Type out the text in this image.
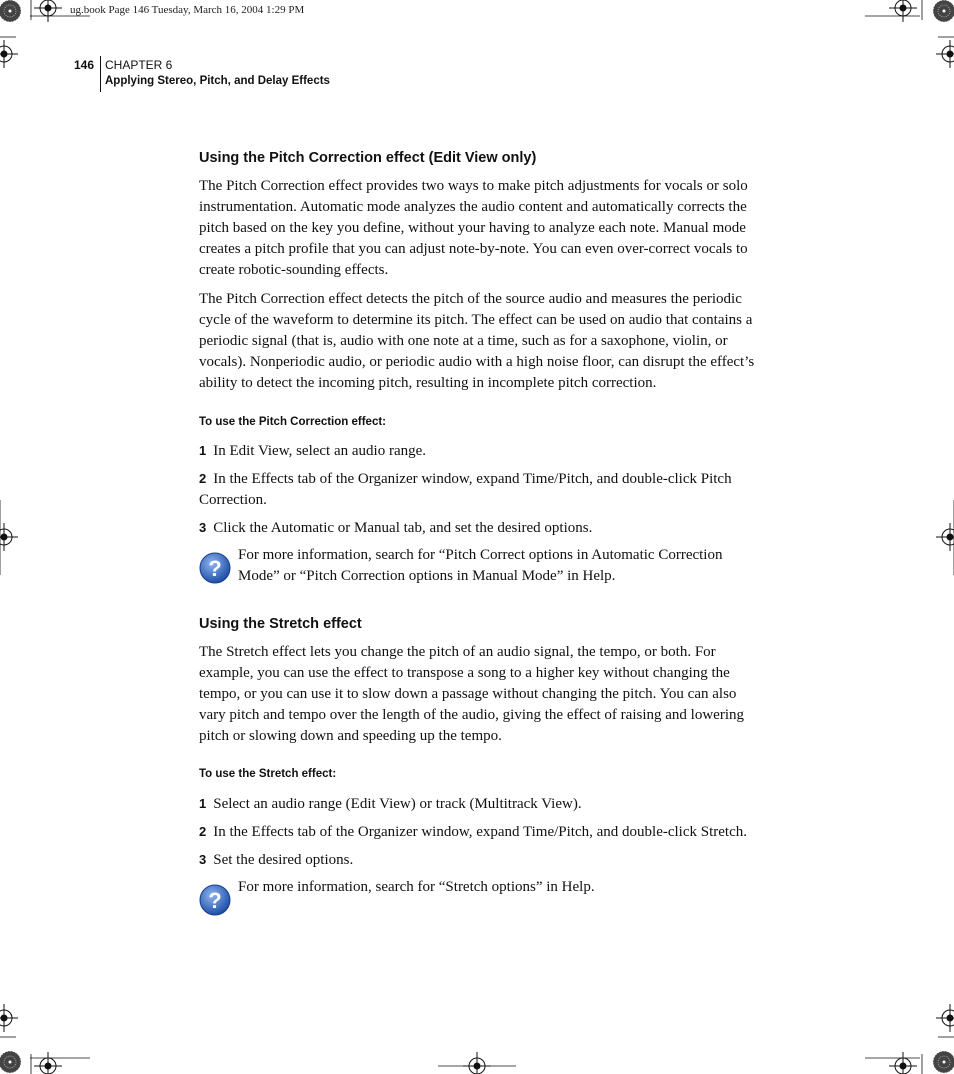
ug.book Page 146 Tuesday, March 16, 2004 1:29 PM
146 CHAPTER 6
Applying Stereo, Pitch, and Delay Effects
Using the Pitch Correction effect (Edit View only)

The Pitch Correction effect provides two ways to make pitch adjustments for vocals or solo instrumentation. Automatic mode analyzes the audio content and automatically corrects the pitch based on the key you define, without your having to analyze each note. Manual mode creates a pitch profile that you can adjust note-by-note. You can even over-correct vocals to create robotic-sounding effects.

The Pitch Correction effect detects the pitch of the source audio and measures the periodic cycle of the waveform to determine its pitch. The effect can be used on audio that contains a periodic signal (that is, audio with one note at a time, such as for a saxophone, violin, or vocals). Nonperiodic audio, or periodic audio with a high noise floor, can disrupt the effect’s ability to detect the incoming pitch, resulting in incomplete pitch correction.

To use the Pitch Correction effect:
1 In Edit View, select an audio range.
2 In the Effects tab of the Organizer window, expand Time/Pitch, and double-click Pitch Correction.
3 Click the Automatic or Manual tab, and set the desired options.
?

For more information, search for “Pitch Correct options in Automatic Correction Mode” or “Pitch Correction options in Manual Mode” in Help.

Using the Stretch effect

The Stretch effect lets you change the pitch of an audio signal, the tempo, or both. For example, you can use the effect to transpose a song to a higher key without changing the tempo, or you can use it to slow down a passage without changing the pitch. You can also vary pitch and tempo over the length of the audio, giving the effect of raising and lowering pitch or slowing down and speeding up the tempo.

To use the Stretch effect:
1 Select an audio range (Edit View) or track (Multitrack View).
2 In the Effects tab of the Organizer window, expand Time/Pitch, and double-click Stretch.
3 Set the desired options.
?

For more information, search for “Stretch options” in Help.
